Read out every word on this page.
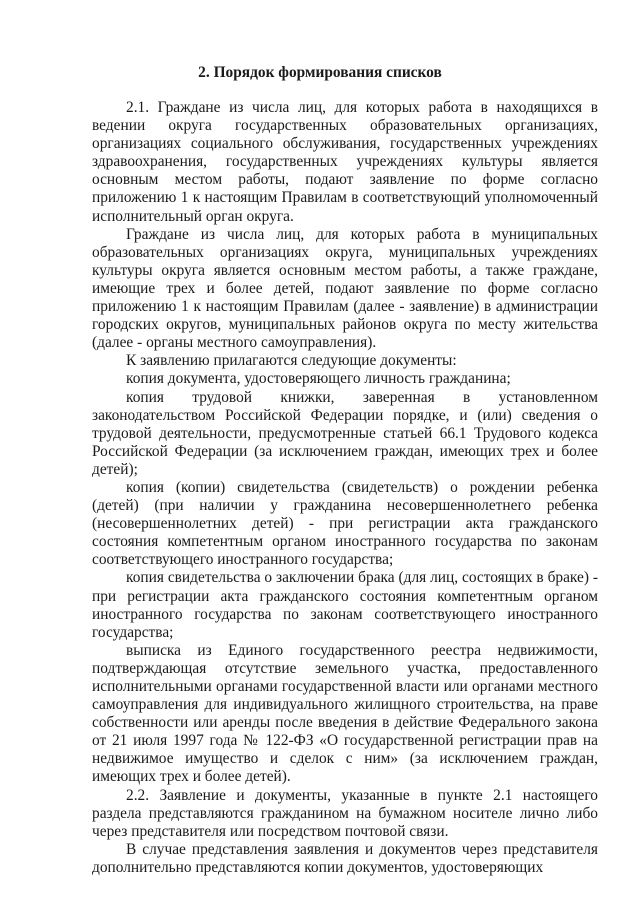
2. Порядок формирования списков

2.1. Граждане из числа лиц, для которых работа в находящихся в ведении округа государственных образовательных организациях, организациях социального обслуживания, государственных учреждениях здравоохранения, государственных учреждениях культуры является основным местом работы, подают заявление по форме согласно приложению 1 к настоящим Правилам в соответствующий уполномоченный исполнительный орган округа.

Граждане из числа лиц, для которых работа в муниципальных образовательных организациях округа, муниципальных учреждениях культуры округа является основным местом работы, а также граждане, имеющие трех и более детей, подают заявление по форме согласно приложению 1 к настоящим Правилам (далее - заявление) в администрации городских округов, муниципальных районов округа по месту жительства (далее - органы местного самоуправления).

К заявлению прилагаются следующие документы:

копия документа, удостоверяющего личность гражданина;

копия трудовой книжки, заверенная в установленном законодательством Российской Федерации порядке, и (или) сведения о трудовой деятельности, предусмотренные статьей 66.1 Трудового кодекса Российской Федерации (за исключением граждан, имеющих трех и более детей);

копия (копии) свидетельства (свидетельств) о рождении ребенка (детей) (при наличии у гражданина несовершеннолетнего ребенка (несовершеннолетних детей) - при регистрации акта гражданского состояния компетентным органом иностранного государства по законам соответствующего иностранного государства;

копия свидетельства о заключении брака (для лиц, состоящих в браке) - при регистрации акта гражданского состояния компетентным органом иностранного государства по законам соответствующего иностранного государства;

выписка из Единого государственного реестра недвижимости, подтверждающая отсутствие земельного участка, предоставленного исполнительными органами государственной власти или органами местного самоуправления для индивидуального жилищного строительства, на праве собственности или аренды после введения в действие Федерального закона от 21 июля 1997 года № 122-ФЗ «О государственной регистрации прав на недвижимое имущество и сделок с ним» (за исключением граждан, имеющих трех и более детей).

2.2. Заявление и документы, указанные в пункте 2.1 настоящего раздела представляются гражданином на бумажном носителе лично либо через представителя или посредством почтовой связи.

В случае представления заявления и документов через представителя дополнительно представляются копии документов, удостоверяющих
